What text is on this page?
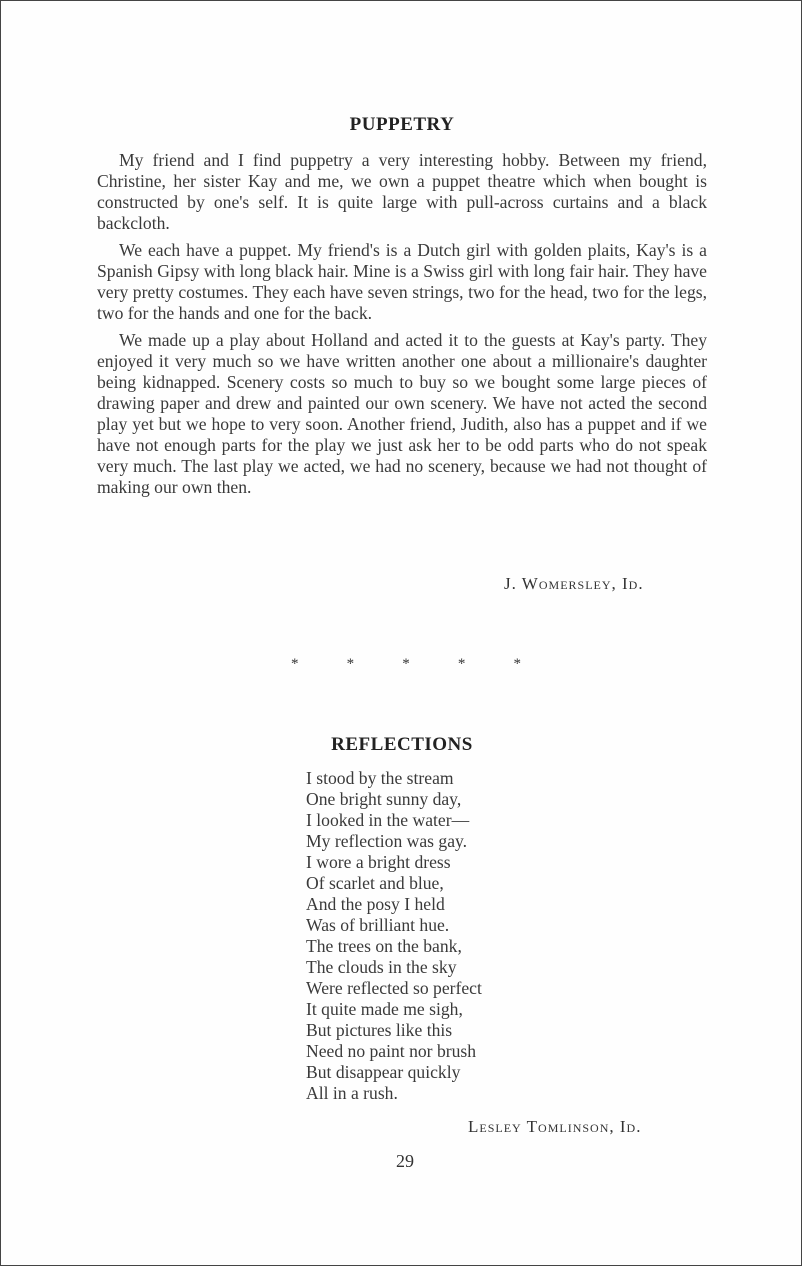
PUPPETRY

My friend and I find puppetry a very interesting hobby. Between my friend, Christine, her sister Kay and me, we own a puppet theatre which when bought is constructed by one's self. It is quite large with pull-across curtains and a black backcloth.

We each have a puppet. My friend's is a Dutch girl with golden plaits, Kay's is a Spanish Gipsy with long black hair. Mine is a Swiss girl with long fair hair. They have very pretty costumes. They each have seven strings, two for the head, two for the legs, two for the hands and one for the back.

We made up a play about Holland and acted it to the guests at Kay's party. They enjoyed it very much so we have written another one about a millionaire's daughter being kidnapped. Scenery costs so much to buy so we bought some large pieces of drawing paper and drew and painted our own scenery. We have not acted the second play yet but we hope to very soon. Another friend, Judith, also has a puppet and if we have not enough parts for the play we just ask her to be odd parts who do not speak very much. The last play we acted, we had no scenery, because we had not thought of making our own then.

J. Womersley, Id.
*	*	*	*	*
REFLECTIONS
I stood by the stream
One bright sunny day,
I looked in the water—
My reflection was gay.
I wore a bright dress
Of scarlet and blue,
And the posy I held
Was of brilliant hue.
The trees on the bank,
The clouds in the sky
Were reflected so perfect
It quite made me sigh,
But pictures like this
Need no paint nor brush
But disappear quickly
All in a rush.
Lesley Tomlinson, Id.
29
